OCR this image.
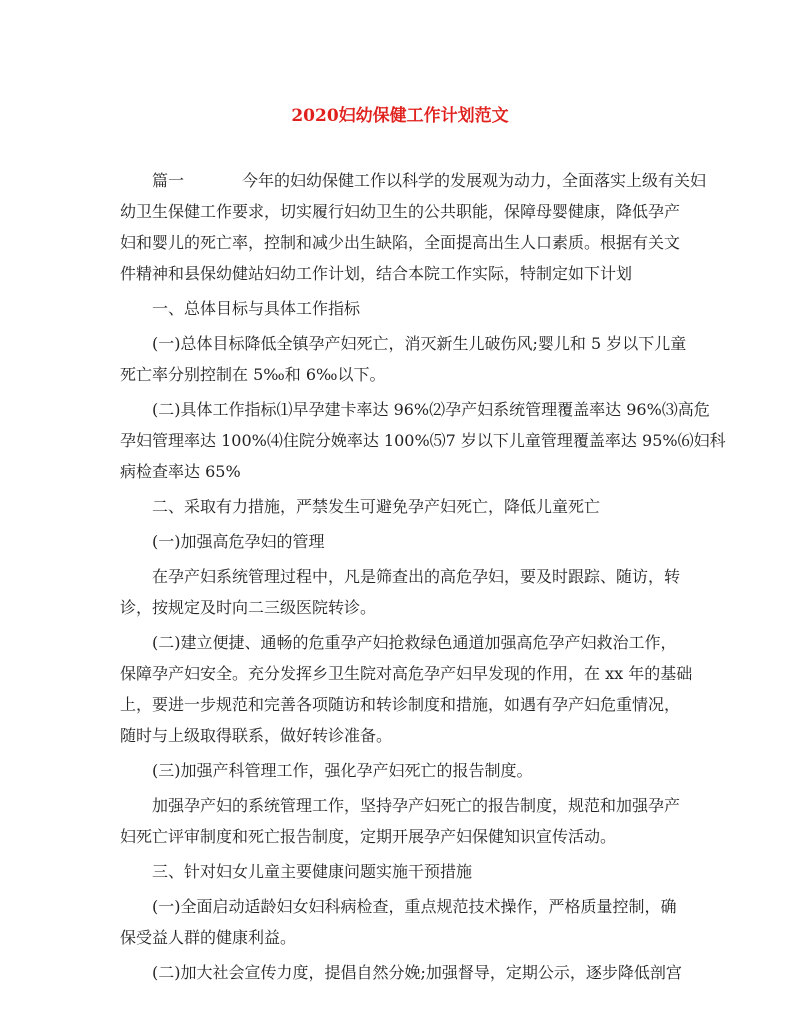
2020妇幼保健工作计划范文
篇一	今年的妇幼保健工作以科学的发展观为动力，全面落实上级有关妇
幼卫生保健工作要求，切实履行妇幼卫生的公共职能，保障母婴健康，降低孕产
妇和婴儿的死亡率，控制和减少出生缺陷，全面提高出生人口素质。根据有关文
件精神和县保幼健站妇幼工作计划，结合本院工作实际，特制定如下计划
一、总体目标与具体工作指标
(一)总体目标降低全镇孕产妇死亡，消灭新生儿破伤风;婴儿和 5 岁以下儿童
死亡率分别控制在 5‰和 6‰以下。
(二)具体工作指标⑴早孕建卡率达 96%⑵孕产妇系统管理覆盖率达 96%⑶高危
孕妇管理率达 100%⑷住院分娩率达 100%⑸7 岁以下儿童管理覆盖率达 95%⑹妇科
病检查率达 65%
二、采取有力措施，严禁发生可避免孕产妇死亡，降低儿童死亡
(一)加强高危孕妇的管理
在孕产妇系统管理过程中，凡是筛查出的高危孕妇，要及时跟踪、随访，转
诊，按规定及时向二三级医院转诊。
(二)建立便捷、通畅的危重孕产妇抢救绿色通道加强高危孕产妇救治工作，
保障孕产妇安全。充分发挥乡卫生院对高危孕产妇早发现的作用，在 xx 年的基础
上，要进一步规范和完善各项随访和转诊制度和措施，如遇有孕产妇危重情况，
随时与上级取得联系，做好转诊准备。
(三)加强产科管理工作，强化孕产妇死亡的报告制度。
加强孕产妇的系统管理工作，坚持孕产妇死亡的报告制度，规范和加强孕产
妇死亡评审制度和死亡报告制度，定期开展孕产妇保健知识宣传活动。
三、针对妇女儿童主要健康问题实施干预措施
(一)全面启动适龄妇女妇科病检查，重点规范技术操作，严格质量控制，确
保受益人群的健康利益。
(二)加大社会宣传力度，提倡自然分娩;加强督导，定期公示，逐步降低剖宫
